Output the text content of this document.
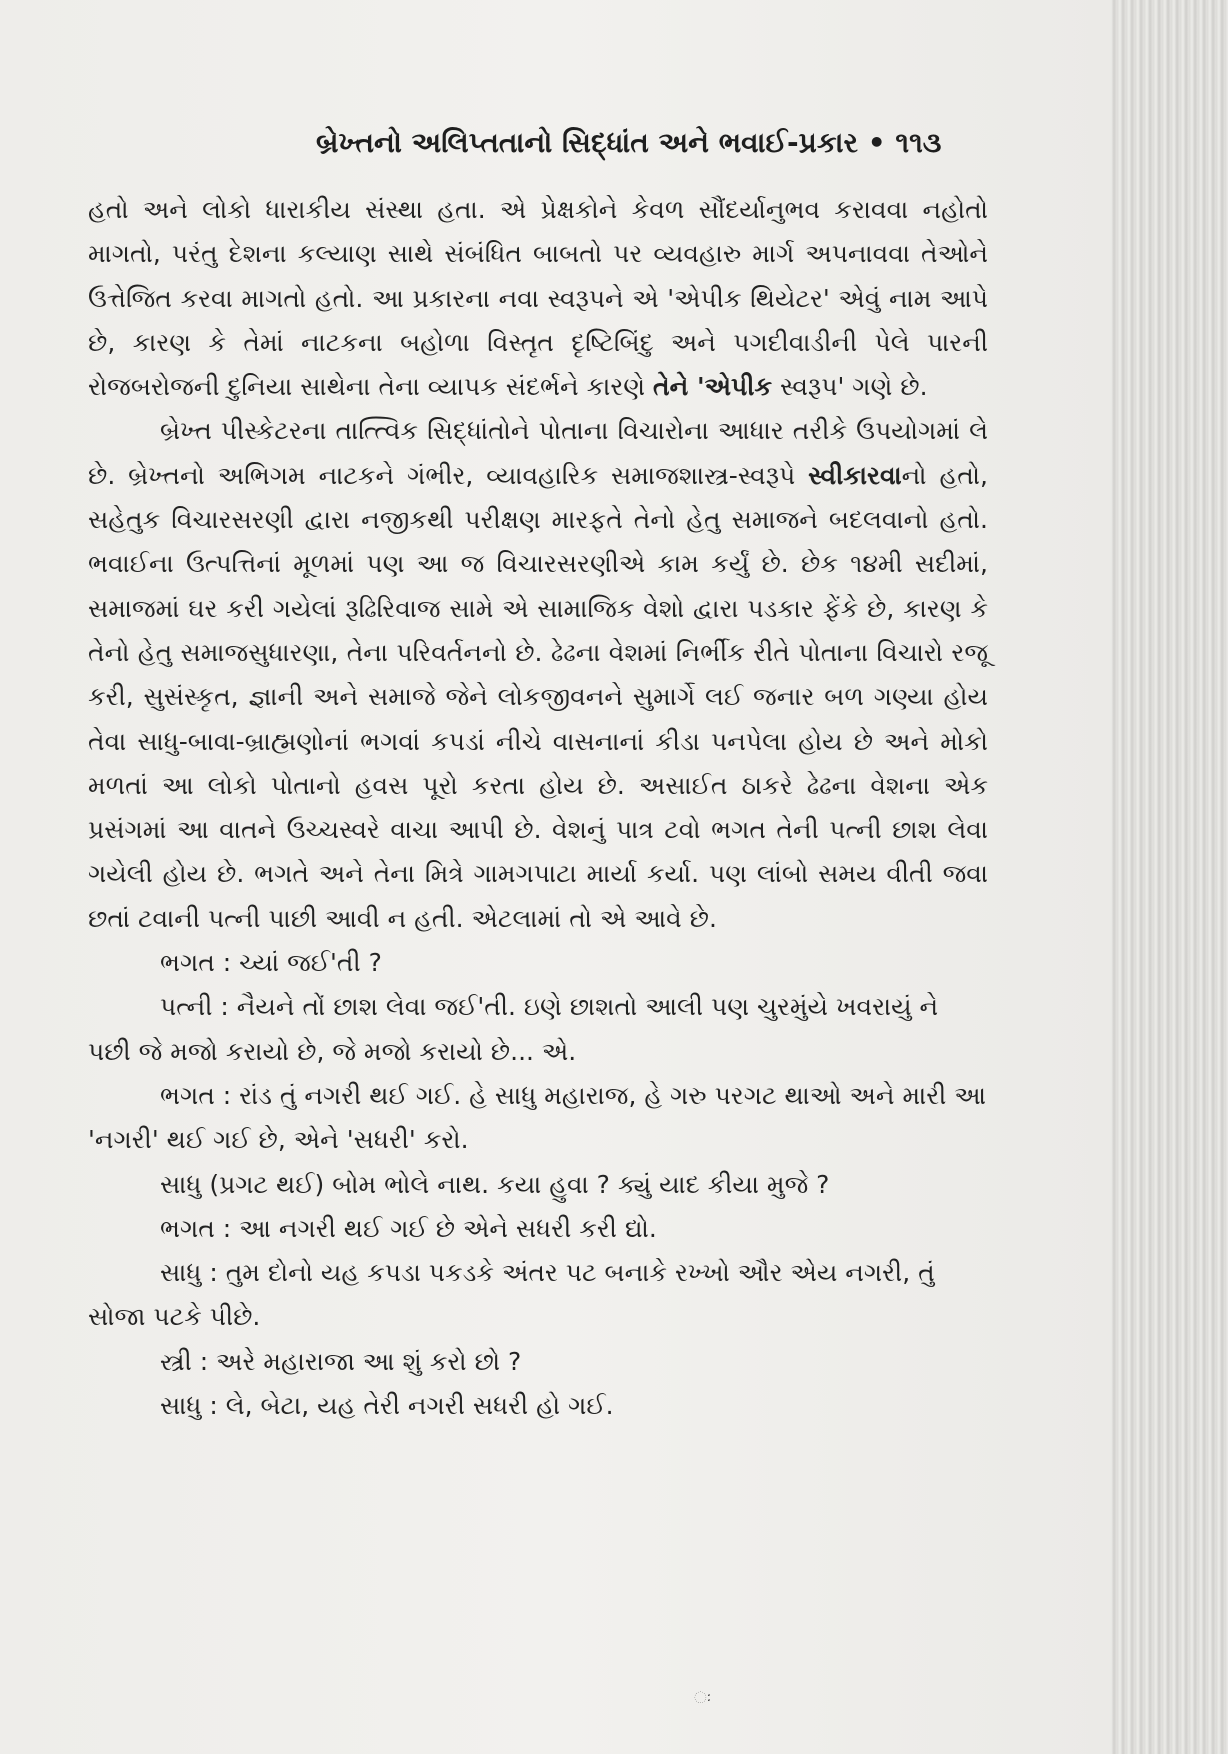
બ્રેખ્તનો અલિપ્તતાનો સિદ્ધાંત અને ભવાઈ-પ્રકાર • ૧૧૩

હતો અને લોકો ધારાકીય સંસ્થા હતા. એ પ્રેક્ષકોને કેવળ સૌંદર્યાનુભવ કરાવવા નહોતો માગતો, પરંતુ દેશના કલ્યાણ સાથે સંબંધિત બાબતો પર વ્યવહારુ માર્ગ અપનાવવા તેઓને ઉત્તેજિત કરવા માગતો હતો. આ પ્રકારના નવા સ્વરૂપને એ 'એપીક થિયેટર' એવું નામ આપે છે, કારણ કે તેમાં નાટકના બહોળા વિસ્તૃત દૃષ્ટિબિંદુ અને પગદીવાડીની પેલે પારની રોજબરોજની દુનિયા સાથેના તેના વ્યાપક સંદર્ભને કારણે તેને 'એપીક સ્વરૂપ' ગણે છે.

બ્રેખ્ત પીસ્કેટરના તાત્ત્વિક સિદ્ધાંતોને પોતાના વિચારોના આધાર તરીકે ઉપયોગમાં લે છે. બ્રેખ્તનો અભિગમ નાટકને ગંભીર, વ્યાવહારિક સમાજશાસ્ત્ર-સ્વરૂપે સ્વીકારવાનો હતો, સહેતુક વિચારસરણી દ્વારા નજીકથી પરીક્ષણ મારફતે તેનો હેતુ સમાજને બદલવાનો હતો. ભવાઈના ઉત્પત્તિનાં મૂળમાં પણ આ જ વિચારસરણીએ કામ કર્યું છે. છેક ૧૪મી સદીમાં, સમાજમાં ઘર કરી ગયેલાં રૂઢિરિવાજ સામે એ સામાજિક વેશો દ્વારા પડકાર ફેંકે છે, કારણ કે તેનો હેતુ સમાજસુધારણા, તેના પરિવર્તનનો છે. ઢેઢના વેશમાં નિર્ભીક રીતે પોતાના વિચારો રજૂ કરી, સુસંસ્કૃત, જ્ઞાની અને સમાજે જેને લોકજીવનને સુમાર્ગે લઈ જનાર બળ ગણ્યા હોય તેવા સાધુ-બાવા-બ્રાહ્મણોનાં ભગવાં કપડાં નીચે વાસનાનાં કીડા પનપેલા હોય છે અને મોકો મળતાં આ લોકો પોતાનો હવસ પૂરો કરતા હોય છે. અસાઈત ઠાકરે ઢેઢના વેશના એક પ્રસંગમાં આ વાતને ઉચ્ચસ્વરે વાચા આપી છે. વેશનું પાત્ર ટવો ભગત તેની પત્ની છાશ લેવા ગયેલી હોય છે. ભગતે અને તેના મિત્રે ગામગપાટા માર્યા કર્યા. પણ લાંબો સમય વીતી જવા છતાં ટવાની પત્ની પાછી આવી ન હતી. એટલામાં તો એ આવે છે.

ભગત : ચ્યાં જઈ'તી ?

પત્ની : નૈયને તોં છાશ લેવા જઈ'તી. ઇણે છાશતો આલી પણ ચુરમુંયે ખવરાયું ને પછી જે મજો કરાયો છે, જે મજો કરાયો છે... એ.

ભગત : રાંડ તું નગરી થઈ ગઈ. હે સાધુ મહારાજ, હે ગરુ પરગટ થાઓ અને મારી આ 'નગરી' થઈ ગઈ છે, એને 'સધરી' કરો.

સાધુ (પ્રગટ થઈ) બોમ ભોલે નાથ. કયા હુવા ? ક્યું યાદ કીયા મુજે ?

ભગત : આ નગરી થઈ ગઈ છે એને સધરી કરી દ્યો.

સાધુ : તુમ દોનો યહ કપડા પકડકે અંતર પટ બનાકે રખ્ખો ઔર એય નગરી, તું સોજા પટકે પીછે.

સ્ત્રી : અરે મહારાજા આ શું કરો છો ?

સાધુ : લે, બેટા, યહ તેરી નગરી સધરી હો ગઈ.

ઃ
